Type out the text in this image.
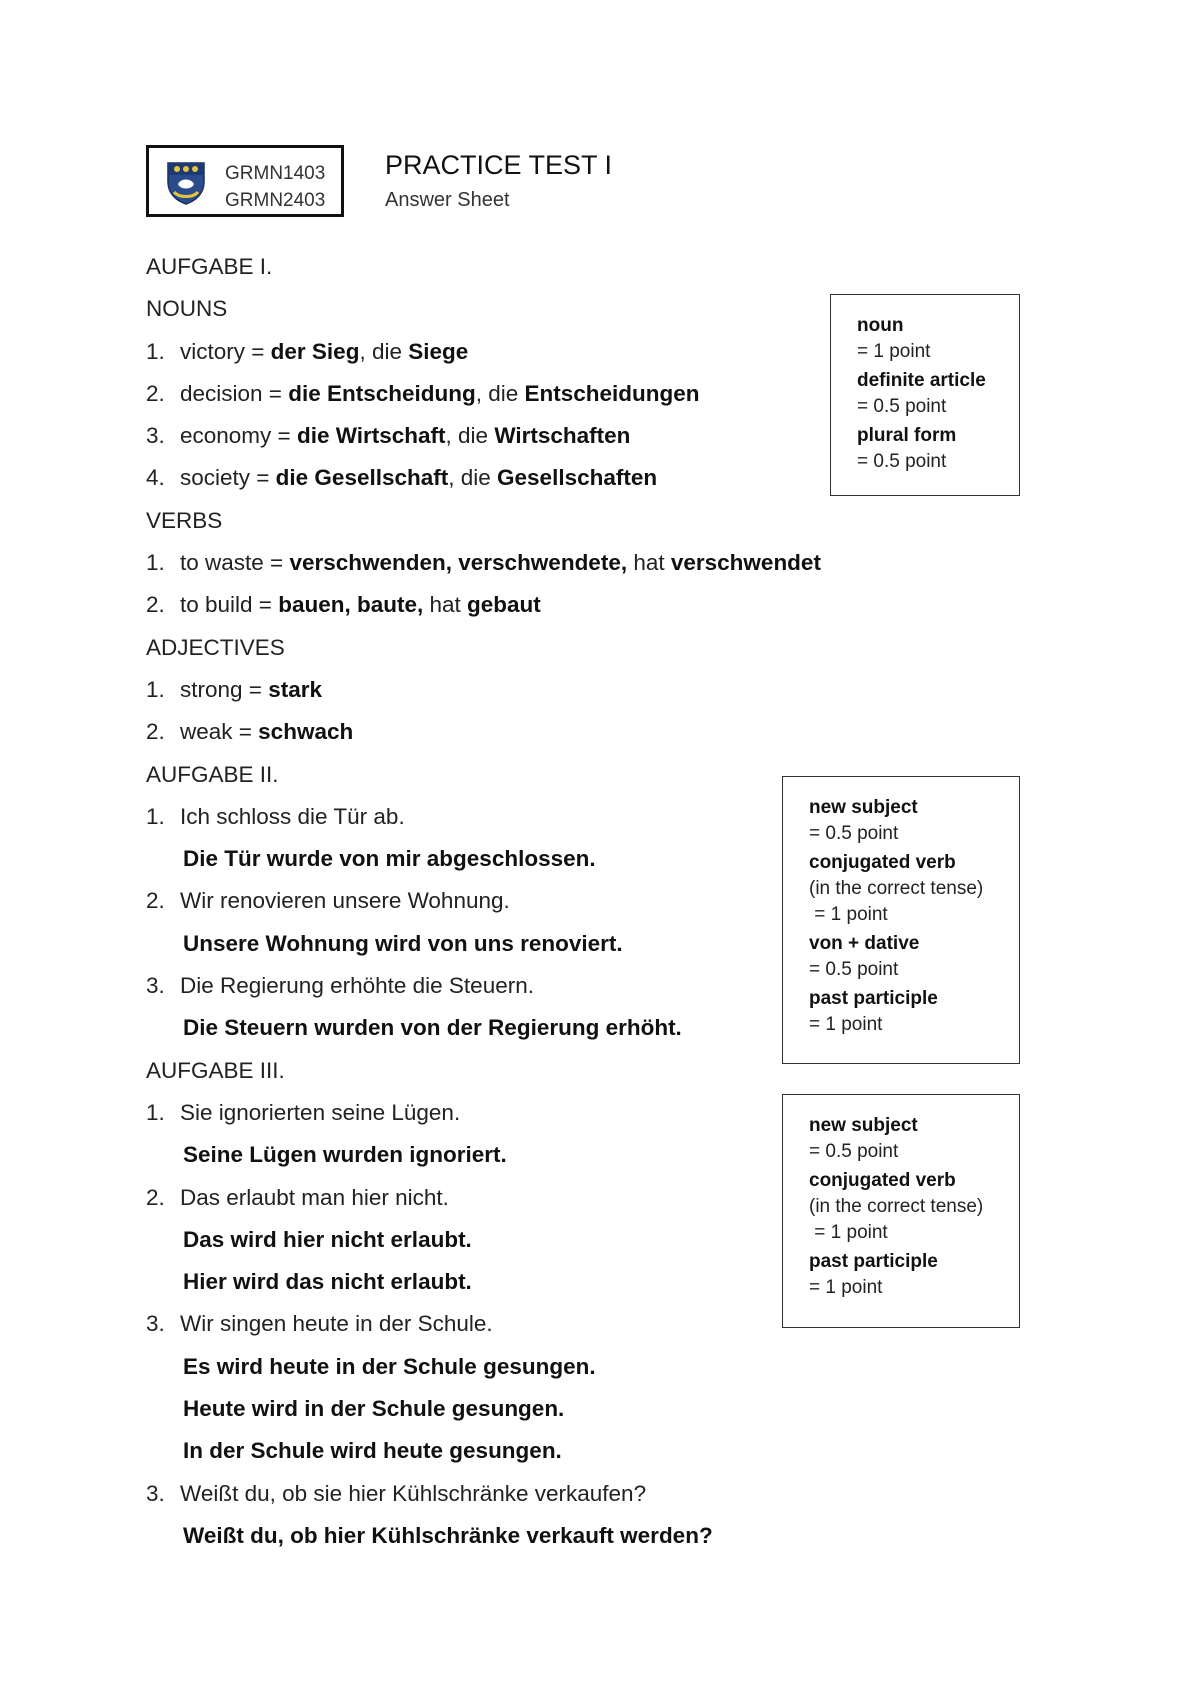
GRMN1403
GRMN2403
PRACTICE TEST I
Answer Sheet
AUFGABE I.
NOUNS
1. victory = der Sieg, die Siege
2. decision = die Entscheidung, die Entscheidungen
3. economy = die Wirtschaft, die Wirtschaften
4. society = die Gesellschaft, die Gesellschaften
VERBS
1. to waste = verschwenden, verschwendete, hat verschwendet
2. to build = bauen, baute, hat gebaut
ADJECTIVES
1. strong = stark
2. weak = schwach
AUFGABE II.
1. Ich schloss die Tür ab.
Die Tür wurde von mir abgeschlossen.
2. Wir renovieren unsere Wohnung.
Unsere Wohnung wird von uns renoviert.
3. Die Regierung erhöhte die Steuern.
Die Steuern wurden von der Regierung erhöht.
AUFGABE III.
1. Sie ignorierten seine Lügen.
Seine Lügen wurden ignoriert.
2. Das erlaubt man hier nicht.
Das wird hier nicht erlaubt.
Hier wird das nicht erlaubt.
3. Wir singen heute in der Schule.
Es wird heute in der Schule gesungen.
Heute wird in der Schule gesungen.
In der Schule wird heute gesungen.
3. Weißt du, ob sie hier Kühlschränke verkaufen?
Weißt du, ob hier Kühlschränke verkauft werden?
noun
= 1 point
definite article
= 0.5 point
plural form
= 0.5 point
new subject
= 0.5 point
conjugated verb
(in the correct tense)
= 1 point
von + dative
= 0.5 point
past participle
= 1 point
new subject
= 0.5 point
conjugated verb
(in the correct tense)
= 1 point
past participle
= 1 point
